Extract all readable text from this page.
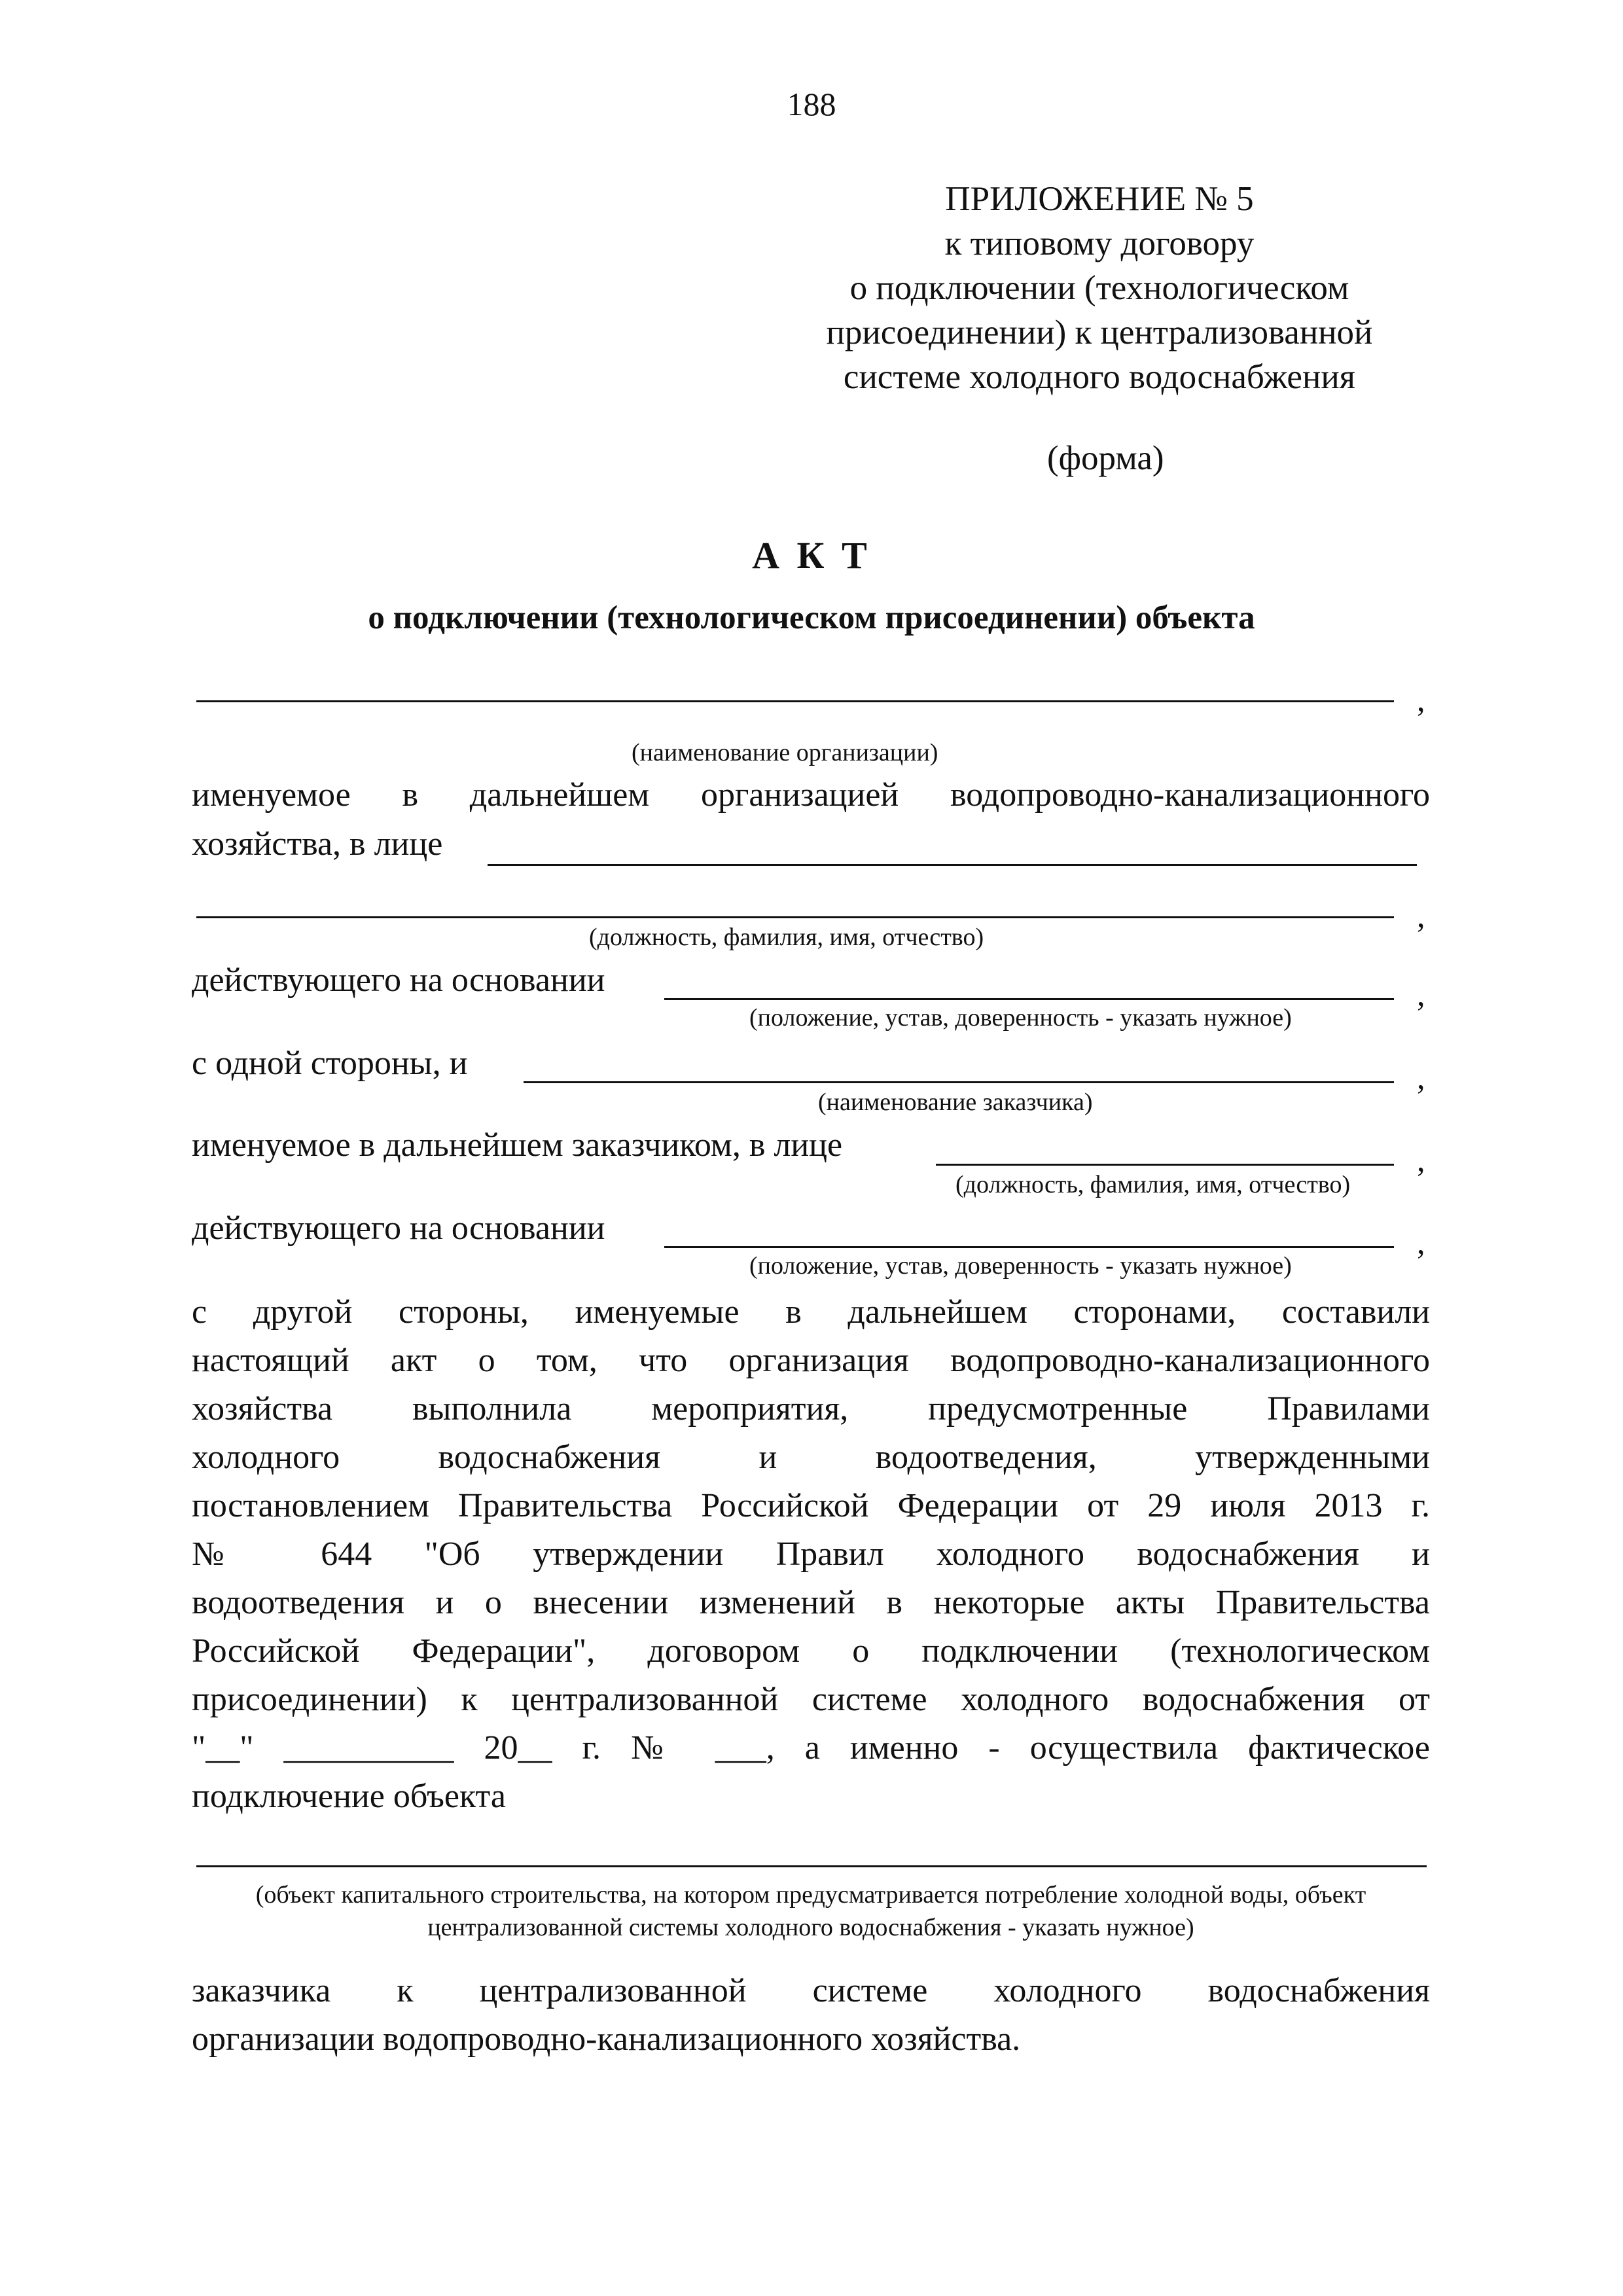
188
ПРИЛОЖЕНИЕ № 5
к типовому договору
о подключении (технологическом
присоединении) к централизованной
системе холодного водоснабжения
(форма)
А К Т
о подключении (технологическом присоединении) объекта
,
(наименование организации)
именуемое в дальнейшем организацией водопроводно-канализационного
хозяйства, в лице
,
(должность, фамилия, имя, отчество)
действующего на основании	,
(положение, устав, доверенность - указать нужное)
с одной стороны, и	,
(наименование заказчика)
именуемое в дальнейшем заказчиком, в лице	,
(должность, фамилия, имя, отчество)
действующего на основании	,
(положение, устав, доверенность - указать нужное)
с другой стороны, именуемые в дальнейшем сторонами, составили
настоящий акт о том, что организация водопроводно-канализационного
хозяйства выполнила мероприятия, предусмотренные Правилами
холодного водоснабжения и водоотведения, утвержденными
постановлением Правительства Российской Федерации от 29 июля 2013 г.
№ 644 "Об утверждении Правил холодного водоснабжения и
водоотведения и о внесении изменений в некоторые акты Правительства
Российской Федерации", договором о подключении (технологическом
присоединении) к централизованной системе холодного водоснабжения от
"__" __________ 20__ г. № ___, а именно - осуществила фактическое
подключение объекта
(объект капитального строительства, на котором предусматривается потребление холодной воды, объект
централизованной системы холодного водоснабжения - указать нужное)
заказчика к централизованной системе холодного водоснабжения
организации водопроводно-канализационного хозяйства.
